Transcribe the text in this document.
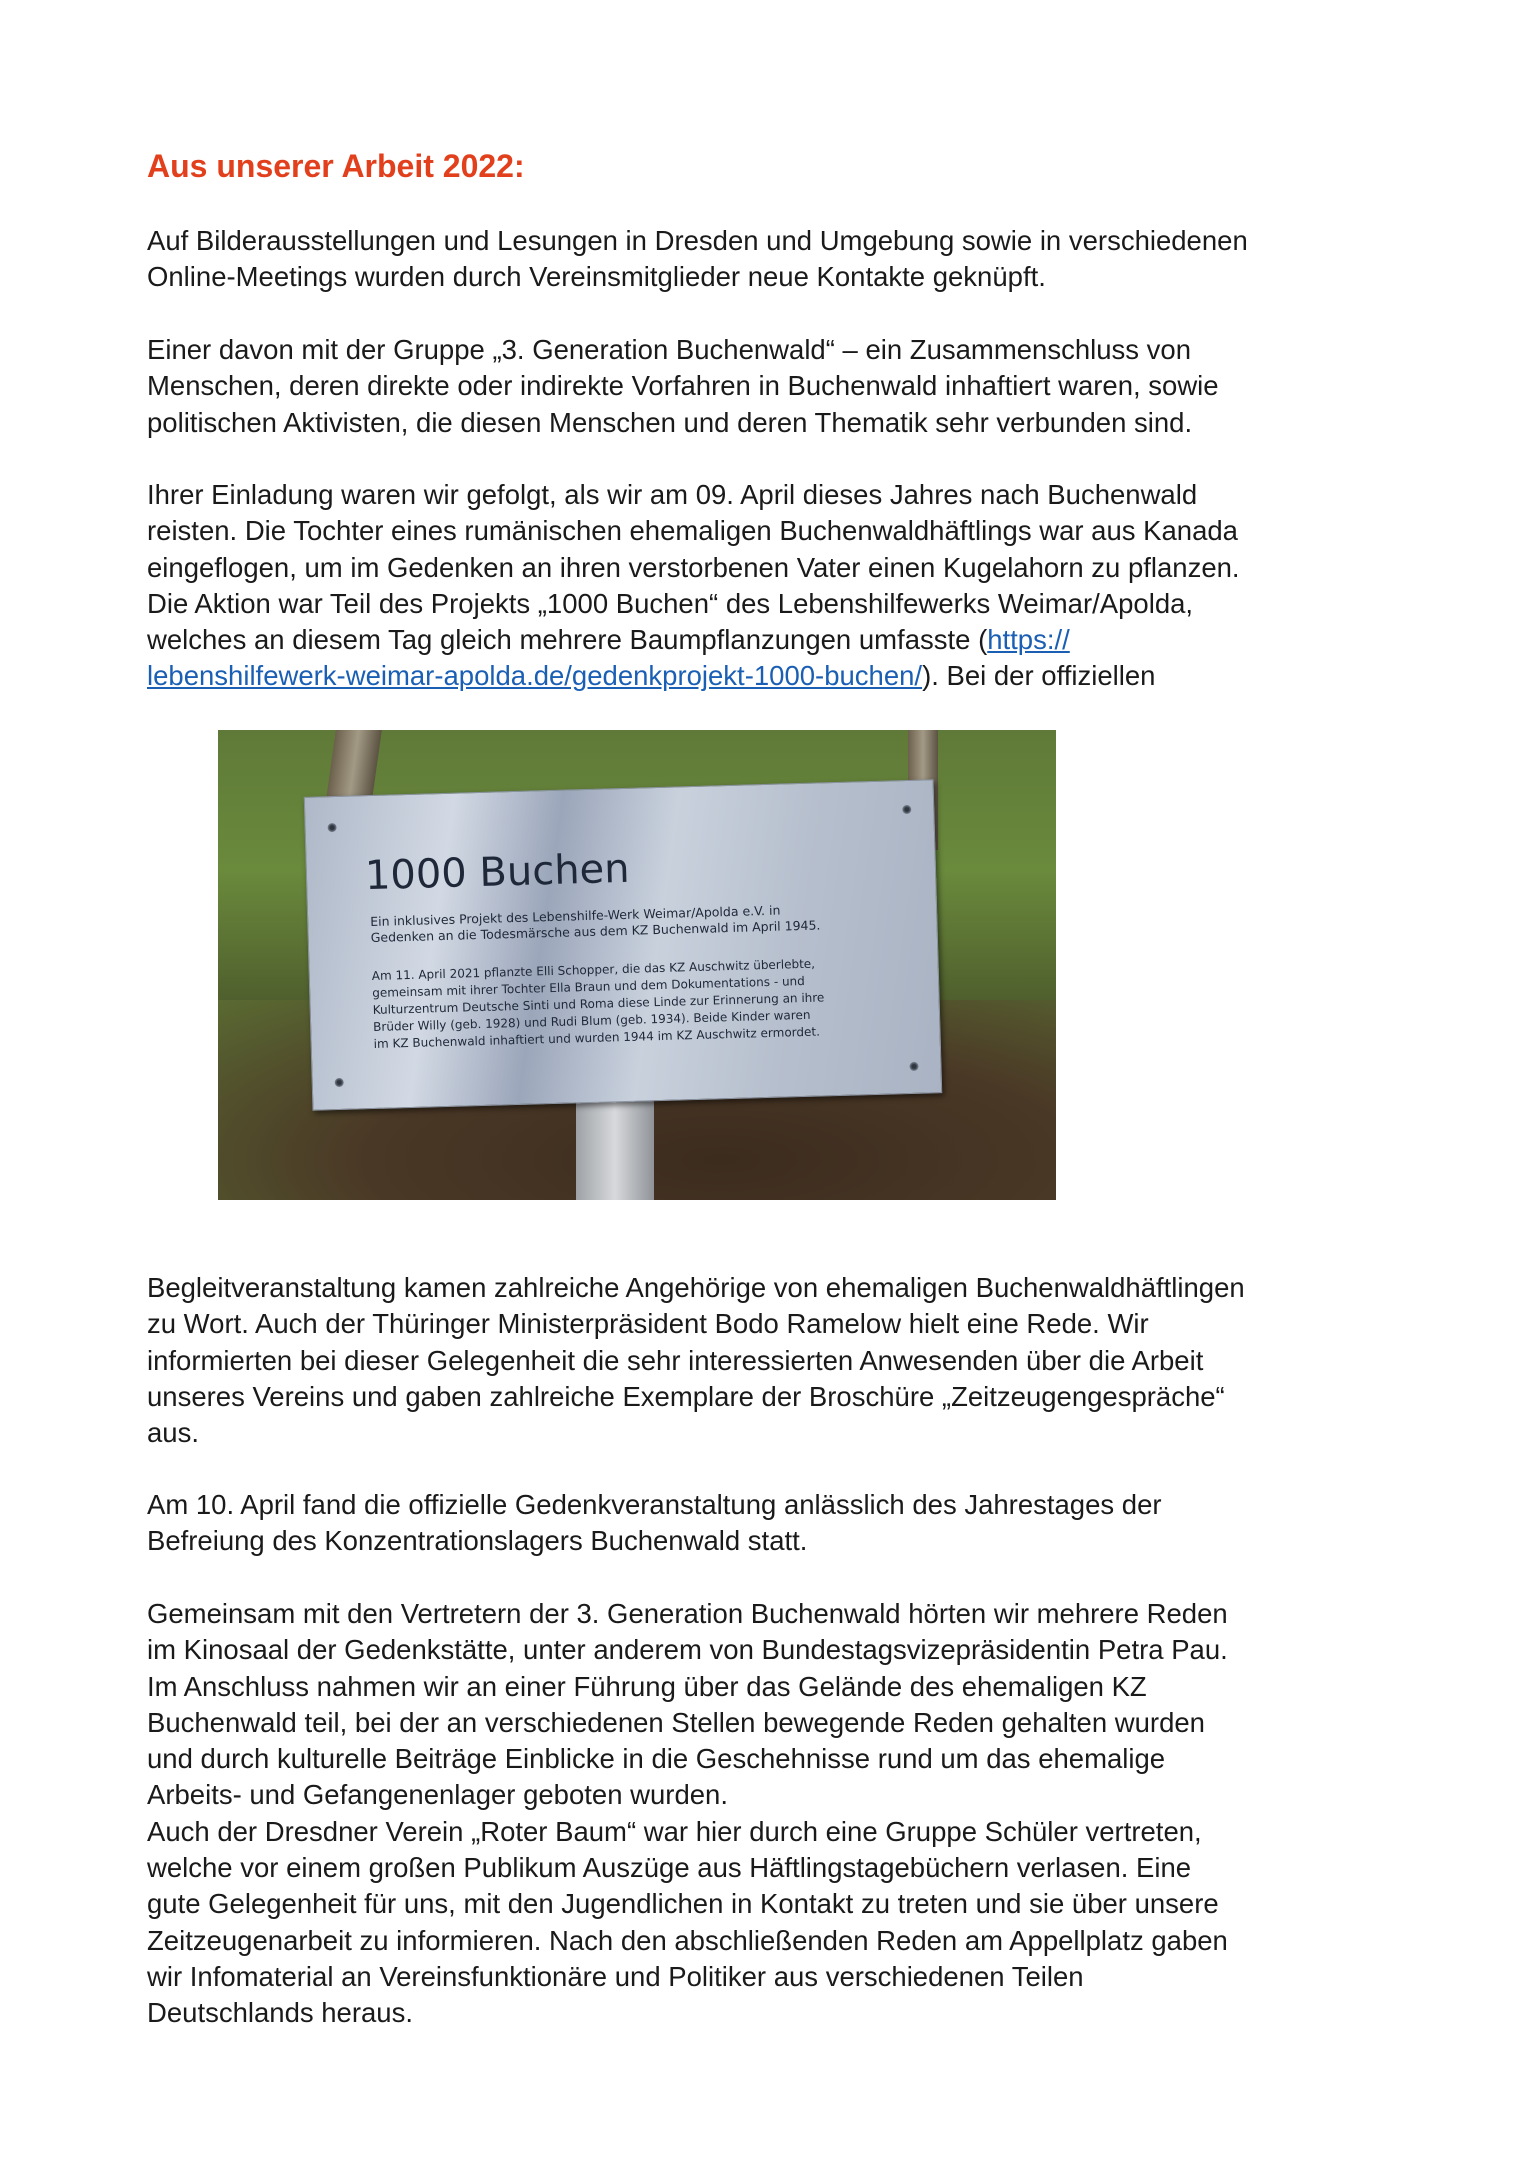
Aus unserer Arbeit 2022:

Auf Bilderausstellungen und Lesungen in Dresden und Umgebung sowie in verschiedenen
Online-Meetings wurden durch Vereinsmitglieder neue Kontakte geknüpft.

Einer davon mit der Gruppe „3. Generation Buchenwald“ – ein Zusammenschluss von
Menschen, deren direkte oder indirekte Vorfahren in Buchenwald inhaftiert waren, sowie
politischen Aktivisten, die diesen Menschen und deren Thematik sehr verbunden sind.

Ihrer Einladung waren wir gefolgt, als wir am 09. April dieses Jahres nach Buchenwald
reisten. Die Tochter eines rumänischen ehemaligen Buchenwaldhäftlings war aus Kanada
eingeflogen, um im Gedenken an ihren verstorbenen Vater einen Kugelahorn zu pflanzen.
Die Aktion war Teil des Projekts „1000 Buchen“ des Lebenshilfewerks Weimar/Apolda,
welches an diesem Tag gleich mehrere Baumpflanzungen umfasste (https://
lebenshilfewerk-weimar-apolda.de/gedenkprojekt-1000-buchen/). Bei der offiziellen

1000 Buchen
Ein inklusives Projekt des Lebenshilfe-Werk Weimar/Apolda e.V. in
Gedenken an die Todesmärsche aus dem KZ Buchenwald im April 1945.
Am 11. April 2021 pflanzte Elli Schopper, die das KZ Auschwitz überlebte,
gemeinsam mit ihrer Tochter Ella Braun und dem Dokumentations - und
Kulturzentrum Deutsche Sinti und Roma diese Linde zur Erinnerung an ihre
Brüder Willy (geb. 1928) und Rudi Blum (geb. 1934). Beide Kinder waren
im KZ Buchenwald inhaftiert und wurden 1944 im KZ Auschwitz ermordet.

Begleitveranstaltung kamen zahlreiche Angehörige von ehemaligen Buchenwaldhäftlingen
zu Wort. Auch der Thüringer Ministerpräsident Bodo Ramelow hielt eine Rede. Wir
informierten bei dieser Gelegenheit die sehr interessierten Anwesenden über die Arbeit
unseres Vereins und gaben zahlreiche Exemplare der Broschüre „Zeitzeugengespräche“
aus.

Am 10. April fand die offizielle Gedenkveranstaltung anlässlich des Jahrestages der
Befreiung des Konzentrationslagers Buchenwald statt.

Gemeinsam mit den Vertretern der 3. Generation Buchenwald hörten wir mehrere Reden
im Kinosaal der Gedenkstätte, unter anderem von Bundestagsvizepräsidentin Petra Pau.
Im Anschluss nahmen wir an einer Führung über das Gelände des ehemaligen KZ
Buchenwald teil, bei der an verschiedenen Stellen bewegende Reden gehalten wurden
und durch kulturelle Beiträge Einblicke in die Geschehnisse rund um das ehemalige
Arbeits- und Gefangenenlager geboten wurden.
Auch der Dresdner Verein „Roter Baum“ war hier durch eine Gruppe Schüler vertreten,
welche vor einem großen Publikum Auszüge aus Häftlingstagebüchern verlasen. Eine
gute Gelegenheit für uns, mit den Jugendlichen in Kontakt zu treten und sie über unsere
Zeitzeugenarbeit zu informieren. Nach den abschließenden Reden am Appellplatz gaben
wir Infomaterial an Vereinsfunktionäre und Politiker aus verschiedenen Teilen
Deutschlands heraus.
